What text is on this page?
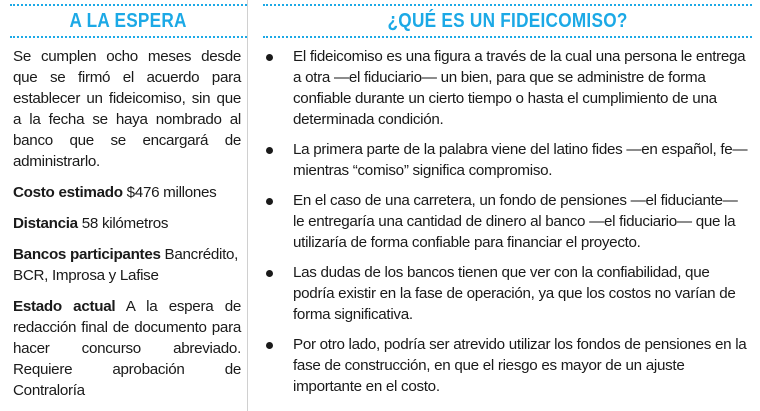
A LA ESPERA

Se cumplen ocho meses desde que se firmó el acuerdo para establecer un fideicomiso, sin que a la fecha se haya nombrado al banco que se encargará de administrarlo.

Costo estimado $476 millones

Distancia 58 kilómetros

Bancos participantes Bancrédito, BCR, Improsa y Lafise

Estado actual A la espera de redacción final de documento para hacer concurso abreviado. Requiere aprobación de Contraloría

¿QUÉ ES UN FIDEICOMISO?
El fideicomiso es una figura a través de la cual una persona le entrega a otra —el fiduciario— un bien, para que se administre de forma confiable durante un cierto tiempo o hasta el cumplimiento de una determinada condición.
La primera parte de la palabra viene del latino fides —en español, fe— mientras “comiso” significa compromiso.
En el caso de una carretera, un fondo de pensiones —el fiduciante— le entregaría una cantidad de dinero al banco —el fiduciario— que la utilizaría de forma confiable para financiar el proyecto.
Las dudas de los bancos tienen que ver con la confiabilidad, que podría existir en la fase de operación, ya que los costos no varían de forma significativa.
Por otro lado, podría ser atrevido utilizar los fondos de pensiones en la fase de construcción, en que el riesgo es mayor de un ajuste importante en el costo.
